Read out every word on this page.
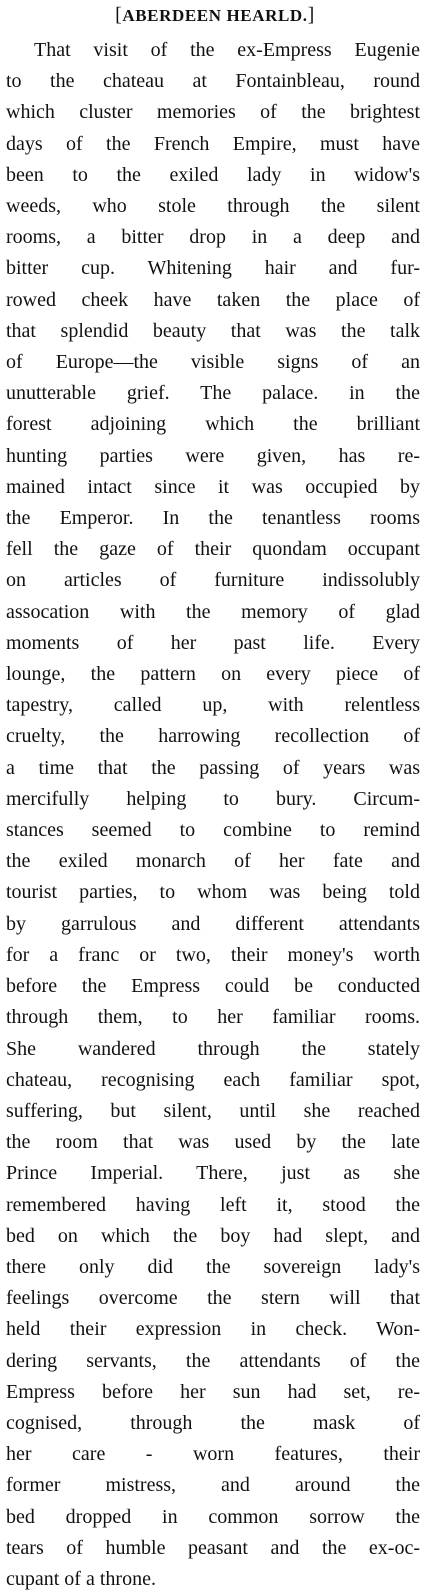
[ABERDEEN HEARLD.]
That visit of the ex-Empress Eugenie
to the chateau at Fontainbleau, round
which cluster memories of the brightest
days of the French Empire, must have
been to the exiled lady in widow's
weeds, who stole through the silent
rooms, a bitter drop in a deep and
bitter cup. Whitening hair and fur-
rowed cheek have taken the place of
that splendid beauty that was the talk
of Europe—the visible signs of an
unutterable grief. The palace. in the
forest adjoining which the brilliant
hunting parties were given, has re-
mained intact since it was occupied by
the Emperor. In the tenantless rooms
fell the gaze of their quondam occupant
on articles of furniture indissolubly
assocation with the memory of glad
moments of her past life. Every
lounge, the pattern on every piece of
tapestry, called up, with relentless
cruelty, the harrowing recollection of
a time that the passing of years was
mercifully helping to bury. Circum-
stances seemed to combine to remind
the exiled monarch of her fate and
tourist parties, to whom was being told
by garrulous and different attendants
for a franc or two, their money's worth
before the Empress could be conducted
through them, to her familiar rooms.
She wandered through the stately
chateau, recognising each familiar spot,
suffering, but silent, until she reached
the room that was used by the late
Prince Imperial. There, just as she
remembered having left it, stood the
bed on which the boy had slept, and
there only did the sovereign lady's
feelings overcome the stern will that
held their expression in check. Won-
dering servants, the attendants of the
Empress before her sun had set, re-
cognised, through the mask of
her care - worn features, their
former mistress, and around the
bed dropped in common sorrow the
tears of humble peasant and the ex-oc-
cupant of a throne.
